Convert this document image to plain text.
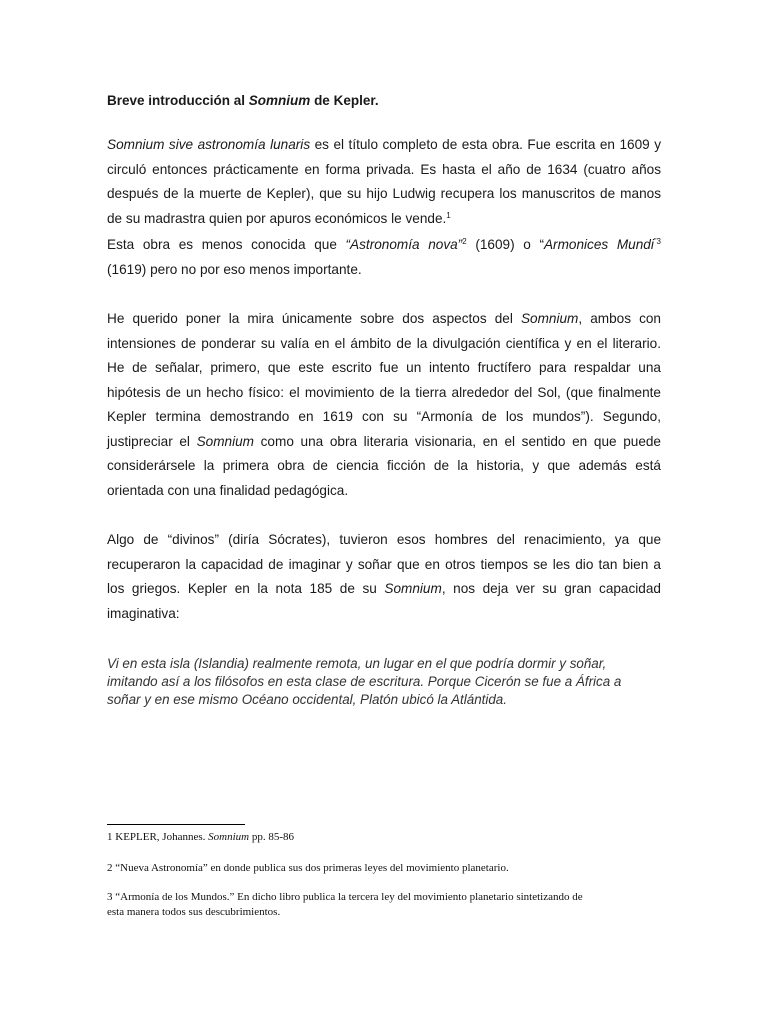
Breve introducción al Somnium de Kepler.
Somnium sive astronomía lunaris es el título completo de esta obra. Fue escrita en 1609 y
circuló entonces prácticamente en forma privada. Es hasta el año de 1634 (cuatro años
después de la muerte de Kepler), que su hijo Ludwig recupera los manuscritos de manos
de su madrastra quien por apuros económicos le vende.$^1$
Esta obra es menos conocida que “Astronomía nova”$^2$ (1609) o “Armonices Mundi$^{”3}$
(1619) pero no por eso menos importante.
He querido poner la mira únicamente sobre dos aspectos del Somnium, ambos con
intensiones de ponderar su valía en el ámbito de la divulgación científica y en el literario.
He de señalar, primero, que este escrito fue un intento fructífero para respaldar una
hipótesis de un hecho físico: el movimiento de la tierra alrededor del Sol, (que finalmente
Kepler termina demostrando en 1619 con su “Armonía de los mundos”). Segundo,
justipreciar el Somnium como una obra literaria visionaria, en el sentido en que puede
considerársele la primera obra de ciencia ficción de la historia, y que además está
orientada con una finalidad pedagógica.
Algo de “divinos” (diría Sócrates), tuvieron esos hombres del renacimiento, ya que
recuperaron la capacidad de imaginar y soñar que en otros tiempos se les dio tan bien a
los griegos. Kepler en la nota 185 de su Somnium, nos deja ver su gran capacidad
imaginativa:
Vi en esta isla (Islandia) realmente remota, un lugar en el que podría dormir y soñar,
imitando así a los filósofos en esta clase de escritura. Porque Cicerón se fue a África a
soñar y en ese mismo Océano occidental, Platón ubicó la Atlántida.
1 KEPLER, Johannes. Somnium pp. 85-86
2 “Nueva Astronomía” en donde publica sus dos primeras leyes del movimiento planetario.
3 “Armonía de los Mundos.” En dicho libro publica la tercera ley del movimiento planetario sintetizando de
esta manera todos sus descubrimientos.
